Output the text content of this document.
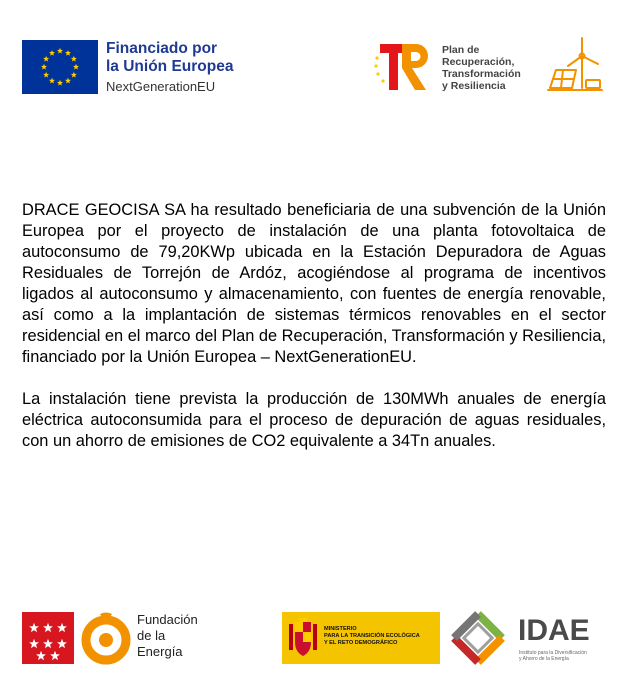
Financiado por
la Unión Europea
NextGenerationEU
Plan de
Recuperación,
Transformación
y Resiliencia

DRACE GEOCISA SA ha resultado beneficiaria de una subvención de la Unión Europea por el proyecto de instalación de una planta fotovoltaica de autoconsumo de 79,20KWp ubicada en la Estación Depuradora de Aguas Residuales de Torrejón de Ardóz, acogiéndose al programa de incentivos ligados al autoconsumo y almacenamiento, con fuentes de energía renovable, así como a la implantación de sistemas térmicos renovables en el sector residencial en el marco del Plan de Recuperación, Transformación y Resiliencia, financiado por la Unión Europea – NextGenerationEU.

La instalación tiene prevista la producción de 130MWh anuales de energía eléctrica autoconsumida para el proceso de depuración de aguas residuales, con un ahorro de emisiones de CO2 equivalente a 34Tn anuales.

Fundación
de la
Energía
MINISTERIO
PARA LA TRANSICIÓN ECOLÓGICA
Y EL RETO DEMOGRÁFICO	IDAE
Instituto para la Diversificación
y Ahorro de la Energía
